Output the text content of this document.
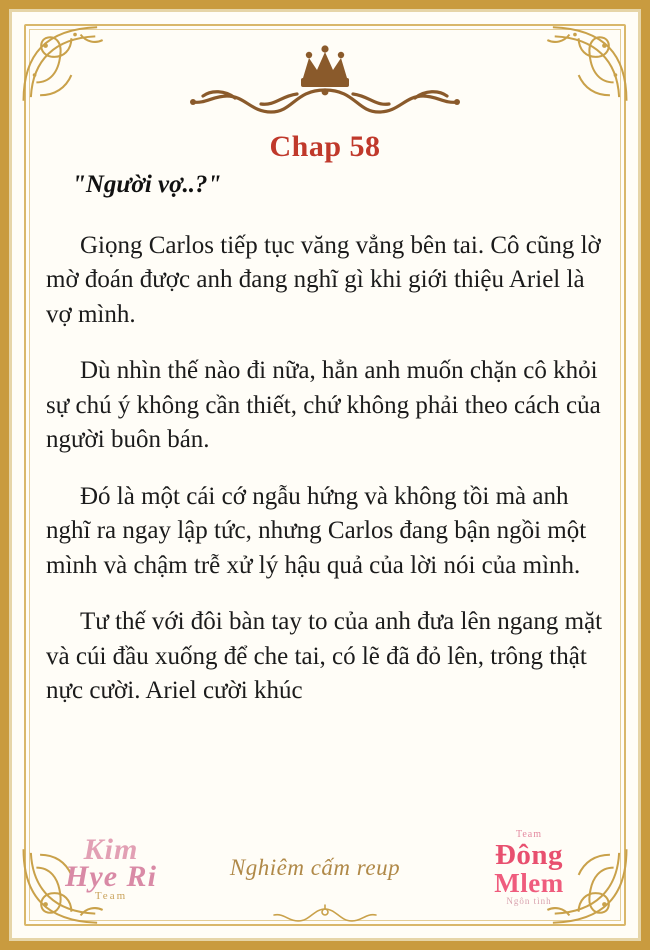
Chap 58

"Người vợ..?"

Giọng Carlos tiếp tục văng vẳng bên tai. Cô cũng lờ mờ đoán được anh đang nghĩ gì khi giới thiệu Ariel là vợ mình.

Dù nhìn thế nào đi nữa, hẳn anh muốn chặn cô khỏi sự chú ý không cần thiết, chứ không phải theo cách của người buôn bán.

Đó là một cái cớ ngẫu hứng và không tồi mà anh nghĩ ra ngay lập tức, nhưng Carlos đang bận ngồi một mình và chậm trễ xử lý hậu quả của lời nói của mình.

Tư thế với đôi bàn tay to của anh đưa lên ngang mặt và cúi đầu xuống để che tai, có lẽ đã đỏ lên, trông thật nực cười. Ariel cười khúc

Kim
Hye Ri
Team
Nghiêm cấm reup
Team
Đông
Mlem
Ngôn tình
